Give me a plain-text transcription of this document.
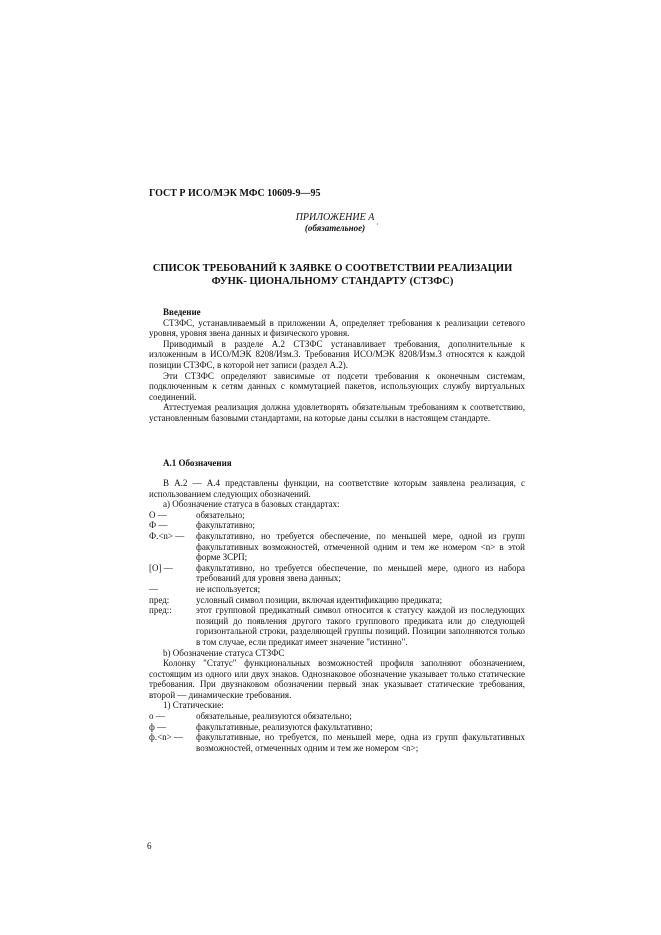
ГОСТ Р ИСО/МЭК МФС 10609-9—95
ПРИЛОЖЕНИЕ А
(обязательное)	·
СПИСОК ТРЕБОВАНИЙ К ЗАЯВКЕ О СООТВЕТСТВИИ РЕАЛИЗАЦИИ ФУНК- ЦИОНАЛЬНОМУ СТАНДАРТУ (СТЗФС)
Введение
СТЗФС, устанавливаемый в приложении А, определяет требования к реализации сетевого уровня, уровня звена данных и физического уровня.
Приводимый в разделе А.2 СТЗФС устанавливает требования, дополнительные к изложенным в ИСО/МЭК 8208/Изм.3. Требования ИСО/МЭК 8208/Изм.3 относятся к каждой позиции СТЗФС, в которой нет записи (раздел А.2).
Эти СТЗФС определяют зависимые от подсети требования к оконечным системам, подключенным к сетям данных с коммутацией пакетов, использующих службу виртуальных соединений.
Аттестуемая реализация должна удовлетворять обязательным требованиям к соответствию, установленным базовыми стандартами, на которые даны ссылки в настоящем стандарте.
А.1 Обозначения
В А.2 — А.4 представлены функции, на соответствие которым заявлена реализация, с использованием следующих обозначений.
а) Обозначение статуса в базовых стандартах:
О —	обязательно;
Ф —	факультативно;
Ф.<n> —	факультативно, но требуется обеспечение, по меньшей мере, одной из групп факультативных возможностей, отмеченной одним и тем же номером <n> в этой форме ЗСРП;
[О] —	факультативно, но требуется обеспечение, по меньшей мере, одного из набора требований для уровня звена данных;
—	не используется;
пред:	условный символ позиции, включая идентификацию предиката;
пред::	этот групповой предикатный символ относится к статусу каждой из последующих позиций до появления другого такого группового предиката или до следующей горизонтальной строки, разделяющей группы позиций. Позиции заполняются только в том случае, если предикат имеет значение "истинно".
b) Обозначение статуса СТЗФС
Колонку "Статус" функциональных возможностей профиля заполняют обозначением, состоящим из одного или двух знаков. Однознаковое обозначение указывает только статические требования. При двузнаковом обозначении первый знак указывает статические требования, второй — динамические требования.
1) Статические:
о —	обязательные, реализуются обязательно;
ф —	факультативные, реализуются факультативно;
ф.<n> —	факультативные, но требуется, по меньшей мере, одна из групп факультативных возможностей, отмеченных одним и тем же номером <n>;
6
